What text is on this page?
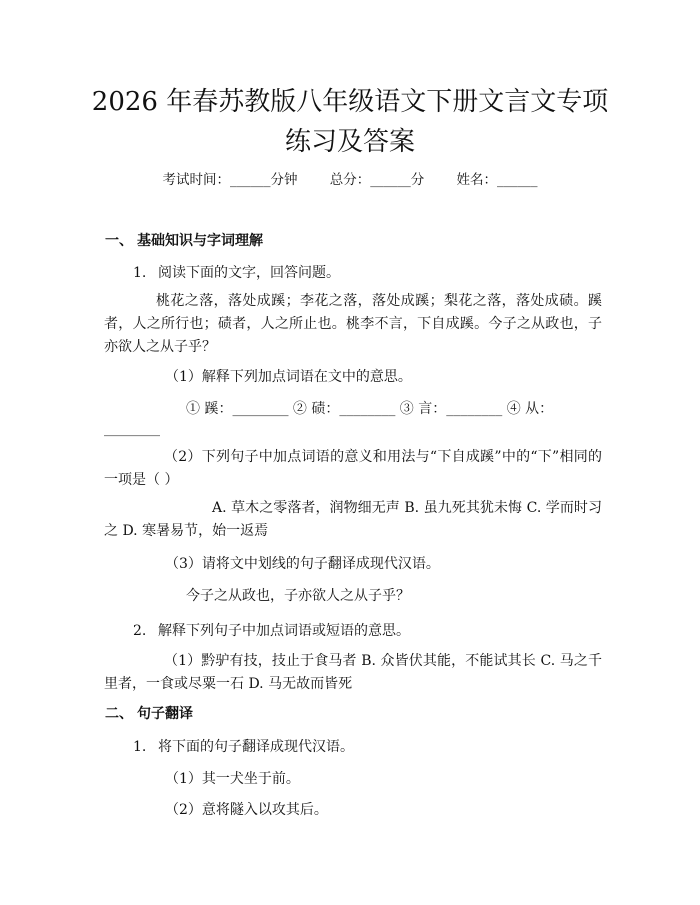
2026 年春苏教版八年级语文下册文言文专项
练习及答案
考试时间：______分钟 总分：______分 姓名：______
一、 基础知识与字词理解
1. 阅读下面的文字，回答问题。

桃花之落，落处成蹊；李花之落，落处成蹊；梨花之落，落处成碛。蹊者，人之所行也；碛者，人之所止也。桃李不言，下自成蹊。今子之从政也，子亦欲人之从子乎？

（1）解释下列加点词语在文中的意思。
① 蹊：________ ② 碛：________ ③ 言：________ ④ 从：
________

（2）下列句子中加点词语的意义和用法与“下自成蹊”中的“下”相同的一项是（ ）

A. 草木之零落者，润物细无声 B. 虽九死其犹未悔 C. 学而时习之 D. 寒暑易节，始一返焉

（3）请将文中划线的句子翻译成现代汉语。
今子之从政也，子亦欲人之从子乎？
2. 解释下列句子中加点词语或短语的意思。

（1）黔驴有技，技止于食马者 B. 众皆伏其能，不能试其长 C. 马之千里者，一食或尽粟一石 D. 马无故而皆死

二、 句子翻译
1. 将下面的句子翻译成现代汉语。
（1）其一犬坐于前。
（2）意将隧入以攻其后。
